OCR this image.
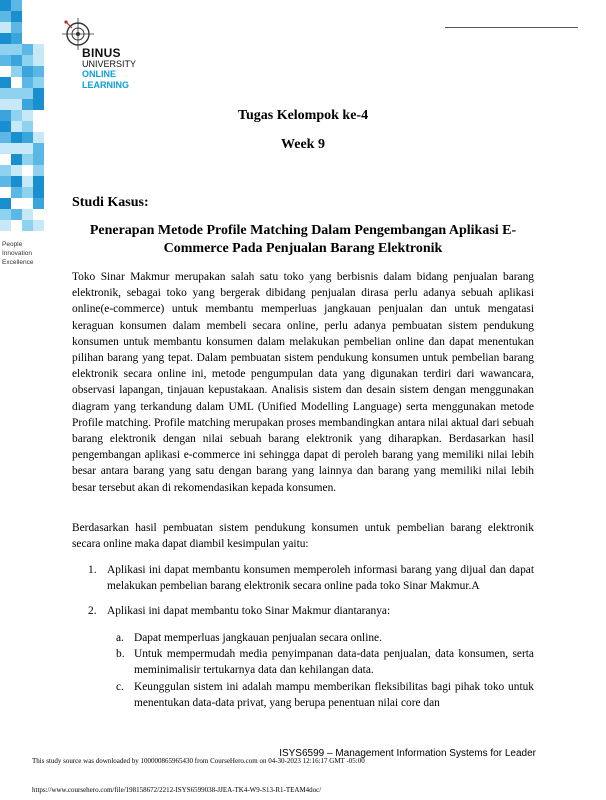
People
Innovation
Excellence
BINUS
UNIVERSITY
ONLINE
LEARNING
Tugas Kelompok ke-4
Week 9
Studi Kasus:
Penerapan Metode Profile Matching Dalam Pengembangan Aplikasi E-Commerce Pada Penjualan Barang Elektronik
Toko Sinar Makmur merupakan salah satu toko yang berbisnis dalam bidang penjualan barang elektronik, sebagai toko yang bergerak dibidang penjualan dirasa perlu adanya sebuah aplikasi online(e-commerce) untuk membantu memperluas jangkauan penjualan dan untuk mengatasi keraguan konsumen dalam membeli secara online, perlu adanya pembuatan sistem pendukung konsumen untuk membantu konsumen dalam melakukan pembelian online dan dapat menentukan pilihan barang yang tepat. Dalam pembuatan sistem pendukung konsumen untuk pembelian barang elektronik secara online ini, metode pengumpulan data yang digunakan terdiri dari wawancara, observasi lapangan, tinjauan kepustakaan. Analisis sistem dan desain sistem dengan menggunakan diagram yang terkandung dalam UML (Unified Modelling Language) serta menggunakan metode Profile matching. Profile matching merupakan proses membandingkan antara nilai aktual dari sebuah barang elektronik dengan nilai sebuah barang elektronik yang diharapkan. Berdasarkan hasil pengembangan aplikasi e-commerce ini sehingga dapat di peroleh barang yang memiliki nilai lebih besar antara barang yang satu dengan barang yang lainnya dan barang yang memiliki nilai lebih besar tersebut akan di rekomendasikan kepada konsumen.
Berdasarkan hasil pembuatan sistem pendukung konsumen untuk pembelian barang elektronik secara online maka dapat diambil kesimpulan yaitu:
1. Aplikasi ini dapat membantu konsumen memperoleh informasi barang yang dijual dan dapat melakukan pembelian barang elektronik secara online pada toko Sinar Makmur.A
2. Aplikasi ini dapat membantu toko Sinar Makmur diantaranya:
a. Dapat memperluas jangkauan penjualan secara online.
b. Untuk mempermudah media penyimpanan data-data penjualan, data konsumen, serta meminimalisir tertukarnya data dan kehilangan data.
c. Keunggulan sistem ini adalah mampu memberikan fleksibilitas bagi pihak toko untuk menentukan data-data privat, yang berupa penentuan nilai core dan
ISYS6599 – Management Information Systems for Leader
This study source was downloaded by 100000865965430 from CourseHero.com on 04-30-2023 12:16:17 GMT -05:00
https://www.coursehero.com/file/198158672/2212-ISYS6599038-JJEA-TK4-W9-S13-R1-TEAM4doc/
